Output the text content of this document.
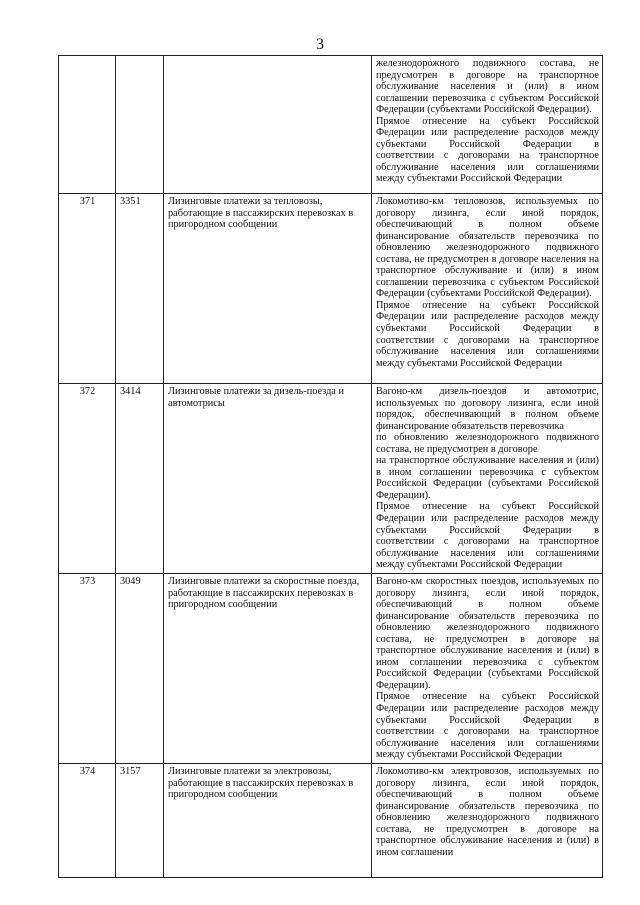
3

			железнодорожного подвижного состава, не предусмотрен в договоре на транспортное обслуживание населения и (или) в ином соглашении перевозчика с субъектом Российской Федерации (субъектами Российской Федерации).
Прямое отнесение на субъект Российской Федерации или распределение расходов между субъектами Российской Федерации в соответствии с договорами на транспортное обслуживание населения или соглашениями между субъектами Российской Федерации

371	3351	Лизинговые платежи за тепловозы, работающие в пассажирских перевозках в пригородном сообщении	Локомотиво-км тепловозов, используемых по договору лизинга, если иной порядок, обеспечивающий в полном объеме финансирование обязательств перевозчика по обновлению железнодорожного подвижного состава, не предусмотрен в договоре населения на транспортное обслуживание и (или) в ином соглашении перевозчика с субъектом Российской Федерации (субъектами Российской Федерации).
Прямое отнесение на субъект Российской Федерации или распределение расходов между субъектами Российской Федерации в соответствии с договорами на транспортное обслуживание населения или соглашениями между субъектами Российской Федерации

372	3414	Лизинговые платежи за дизель-поезда и автомотрисы	Вагоно-км дизель-поездов и автомотрис, используемых по договору лизинга, если иной порядок, обеспечивающий в полном объеме финансирование обязательств перевозчика
по обновлению железнодорожного подвижного состава, не предусмотрен в договоре
на транспортное обслуживание населения и (или) в ином соглашении перевозчика с субъектом Российской Федерации (субъектами Российской Федерации).
Прямое отнесение на субъект Российской Федерации или распределение расходов между субъектами Российской Федерации в соответствии с договорами на транспортное обслуживание населения или соглашениями между субъектами Российской Федерации

373	3049	Лизинговые платежи за скоростные поезда, работающие в пассажирских перевозках в пригородном сообщении	Вагоно-км скоростных поездов, используемых по договору лизинга, если иной порядок, обеспечивающий в полном объеме финансирование обязательств перевозчика по обновлению железнодорожного подвижного состава, не предусмотрен в договоре на транспортное обслуживание населения и (или) в ином соглашении перевозчика с субъектом Российской Федерации (субъектами Российской Федерации).
Прямое отнесение на субъект Российской Федерации или распределение расходов между субъектами Российской Федерации в соответствии с договорами на транспортное обслуживание населения или соглашениями между субъектами Российской Федерации

374	3157	Лизинговые платежи за электровозы, работающие в пассажирских перевозках в пригородном сообщении	Локомотиво-км электровозов, используемых по договору лизинга, если иной порядок, обеспечивающий в полном объеме финансирование обязательств перевозчика по обновлению железнодорожного подвижного состава, не предусмотрен в договоре на транспортное обслуживание населения и (или) в ином соглашении
